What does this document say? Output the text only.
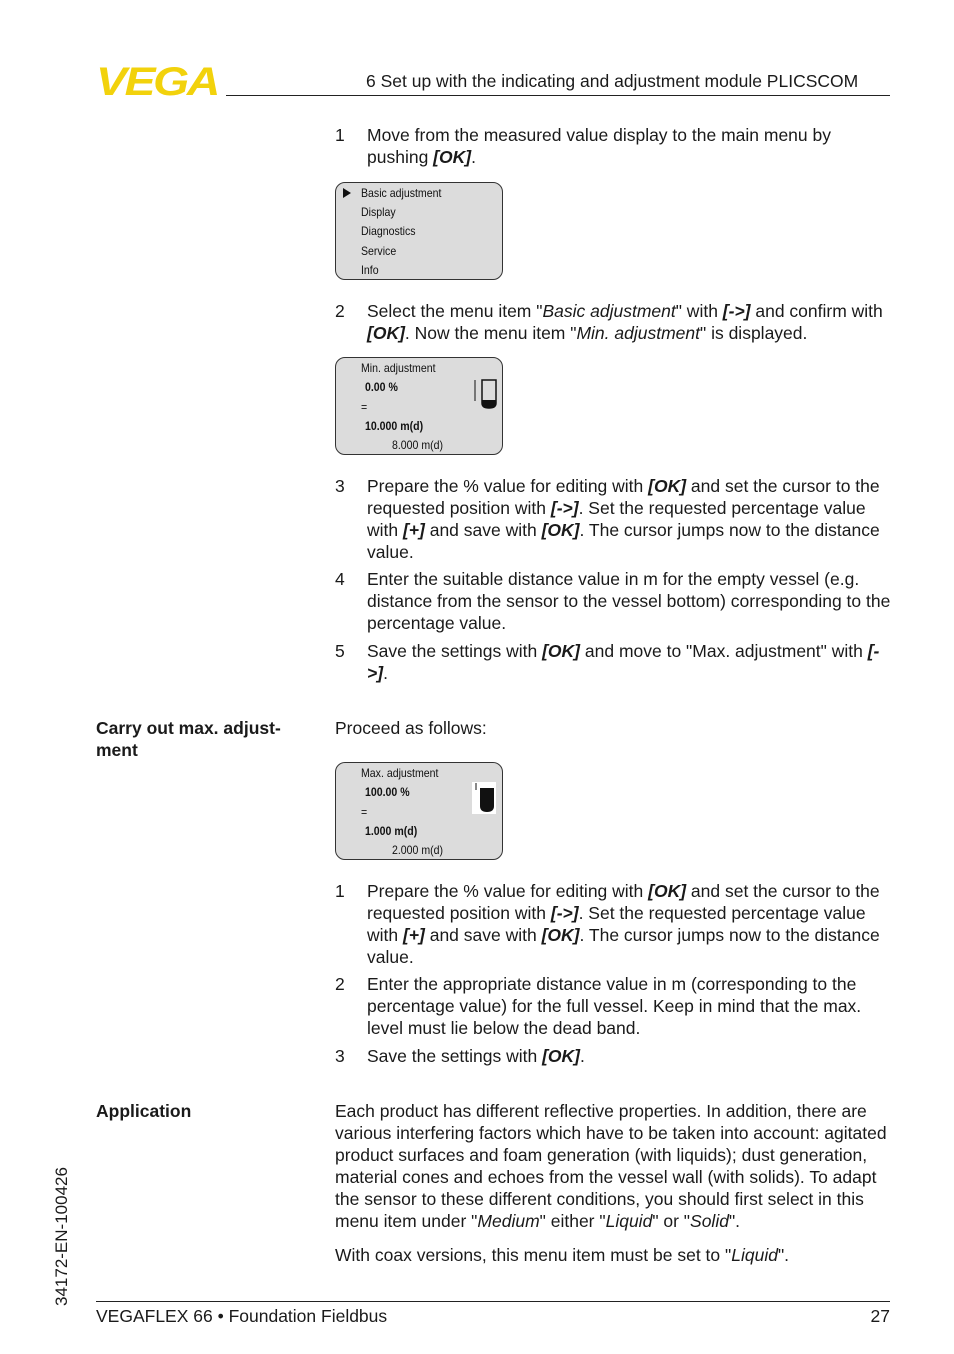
VEGA	6 Set up with the indicating and adjustment module PLICSCOM
1 Move from the measured value display to the main menu by pushing [OK].
Basic adjustment
Display
Diagnostics
Service
Info
2 Select the menu item "Basic adjustment" with [->] and confirm with [OK]. Now the menu item "Min. adjustment" is displayed.
Min. adjustment
0.00 %
=
10.000 m(d)
8.000 m(d)
3 Prepare the % value for editing with [OK] and set the cursor to the requested position with [->]. Set the requested percentage value with [+] and save with [OK]. The cursor jumps now to the distance value.
4 Enter the suitable distance value in m for the empty vessel (e.g. distance from the sensor to the vessel bottom) corresponding to the percentage value.
5 Save the settings with [OK] and move to "Max. adjustment" with [->].
Carry out max. adjust-ment
Proceed as follows:
Max. adjustment
100.00 %
=
1.000 m(d)
2.000 m(d)
1 Prepare the % value for editing with [OK] and set the cursor to the requested position with [->]. Set the requested percentage value with [+] and save with [OK]. The cursor jumps now to the distance value.
2 Enter the appropriate distance value in m (corresponding to the percentage value) for the full vessel. Keep in mind that the max. level must lie below the dead band.
3 Save the settings with [OK].
Application	Each product has different reflective properties. In addition, there are various interfering factors which have to be taken into account: agitated product surfaces and foam generation (with liquids); dust generation, material cones and echoes from the vessel wall (with solids). To adapt the sensor to these different conditions, you should first select in this menu item under "Medium" either "Liquid" or "Solid".
With coax versions, this menu item must be set to "Liquid".
34172-EN-100426
VEGAFLEX 66 • Foundation Fieldbus	27
